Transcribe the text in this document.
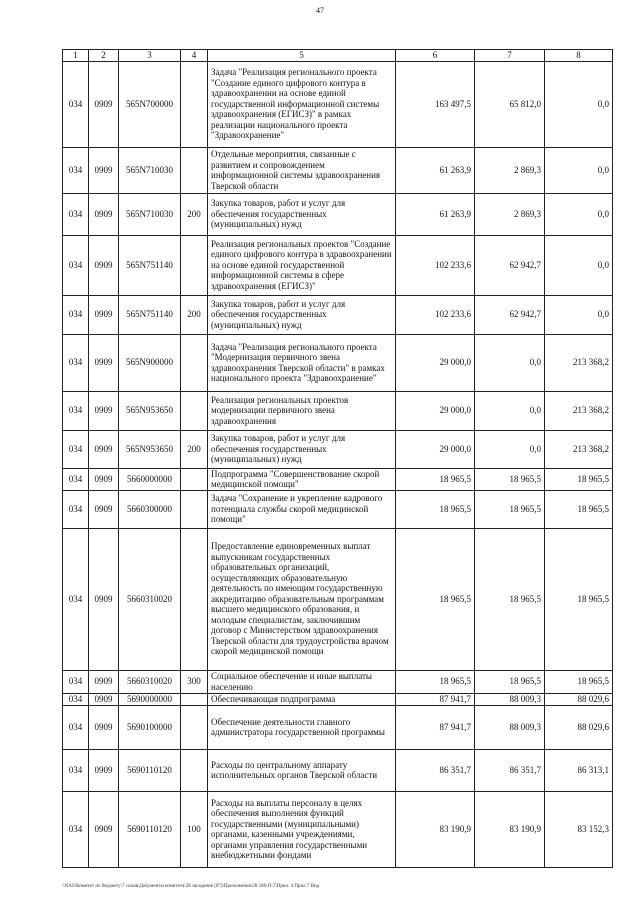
47
1	2	3	4	5	6	7	8
034	0909	565N700000		Задача "Реализация регионального проекта "Создание единого цифрового контура в здравоохранении на основе единой государственной информационной системы здравоохранения (ЕГИСЗ)" в рамках реализации национального проекта "Здравоохранение"	163 497,5	65 812,0	0,0
034	0909	565N710030		Отдельные мероприятия, связанные с развитием и сопровождением информационной системы здравоохранения Тверской области	61 263,9	2 869,3	0,0
034	0909	565N710030	200	Закупка товаров, работ и услуг для обеспечения государственных (муниципальных) нужд	61 263,9	2 869,3	0,0
034	0909	565N751140		Реализация региональных проектов "Создание единого цифрового контура в здравоохранении на основе единой государственной информационной системы в сфере здравоохранения (ЕГИСЗ)"	102 233,6	62 942,7	0,0
034	0909	565N751140	200	Закупка товаров, работ и услуг для обеспечения государственных (муниципальных) нужд	102 233,6	62 942,7	0,0
034	0909	565N900000		Задача "Реализация регионального проекта "Модернизация первичного звена здравоохранения Тверской области" в рамках национального проекта "Здравоохранение"	29 000,0	0,0	213 368,2
034	0909	565N953650		Реализация региональных проектов модернизации первичного звена здравоохранения	29 000,0	0,0	213 368,2
034	0909	565N953650	200	Закупка товаров, работ и услуг для обеспечения государственных (муниципальных) нужд	29 000,0	0,0	213 368,2
034	0909	5660000000		Подпрограмма "Совершенствование скорой медицинской помощи"	18 965,5	18 965,5	18 965,5
034	0909	5660300000		Задача "Сохранение и укрепление кадрового потенциала службы скорой медицинской помощи"	18 965,5	18 965,5	18 965,5
034	0909	5660310020		Предоставление единовременных выплат выпускникам государственных образовательных организаций, осуществляющих образовательную деятельность по имеющим государственную аккредитацию образовательным программам высшего медицинского образования, и молодым специалистам, заключившим договор с Министерством здравоохранения Тверской области для трудоустройства врачом скорой медицинской помощи	18 965,5	18 965,5	18 965,5
034	0909	5660310020	300	Социальное обеспечение и иные выплаты населению	18 965,5	18 965,5	18 965,5
034	0909	5690000000		Обеспечивающая подпрограмма	87 941,7	88 009,3	88 029,6
034	0909	5690100000		Обеспечение деятельности главного администратора государственной программы	87 941,7	88 009,3	88 029,6
034	0909	5690110120		Расходы по центральному аппарату исполнительных органов Тверской области	86 351,7	86 351,7	86 313,1
034	0909	5690110120	100	Расходы на выплаты персоналу в целях обеспечения выполнения функций государственными (муниципальными) органами, казенными учреждениями, органами управления государственными внебюджетными фондами	83 190,9	83 190,9	83 152,3
\\NAS\Комитет по бюджету\7 созыв\Документы комитета\28 заседание (07)\Приложения\28 508-П-7\Прил. 4 Прил 7 Bид
